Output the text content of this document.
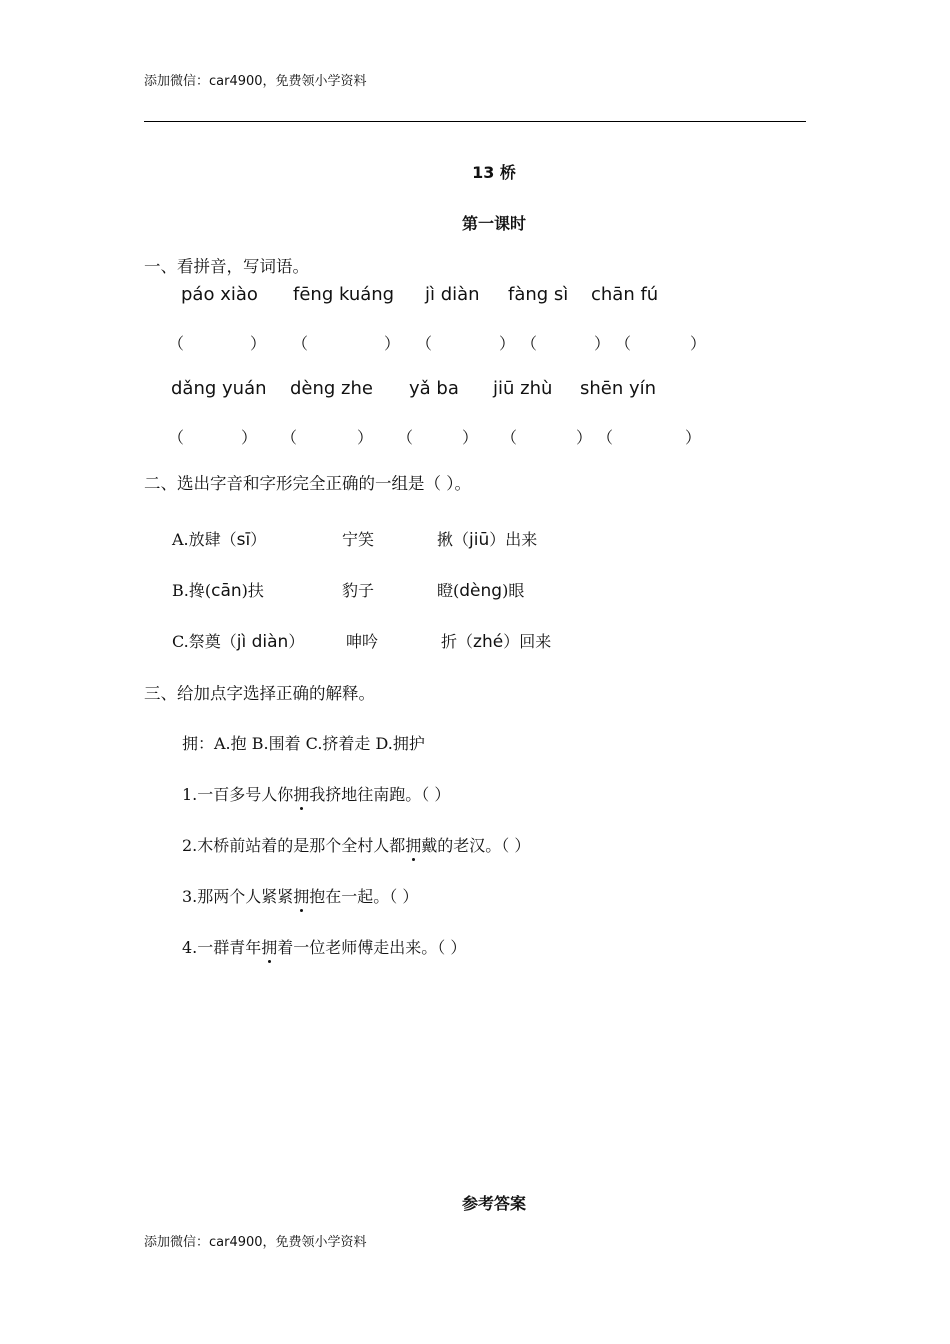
添加微信：car4900，免费领小学资料
13 桥
第一课时
一、看拼音，写词语。
páo xiào fēng kuáng jì diàn fàng sì chān fú
（	） （	） （	） （	） （	）
dǎng yuán dèng zhe yǎ ba jiū zhù shēn yín
（	） （	） （	） （	） （	）
二、选出字音和字形完全正确的一组是（ ）。
A.放肆（sī）	宁笑	揪（jiū）出来
B.搀(cān)扶	豹子	瞪(dèng)眼
C.祭奠（jì diàn）	呻吟	折（zhé）回来
三、给加点字选择正确的解释。
拥：A.抱 B.围着 C.挤着走 D.拥护
1.一百多号人你拥我挤地往南跑。（ ）
2.木桥前站着的是那个全村人都拥戴的老汉。（ ）
3.那两个人紧紧拥抱在一起。（ ）
4.一群青年拥着一位老师傅走出来。（ ）
参考答案
添加微信：car4900，免费领小学资料
